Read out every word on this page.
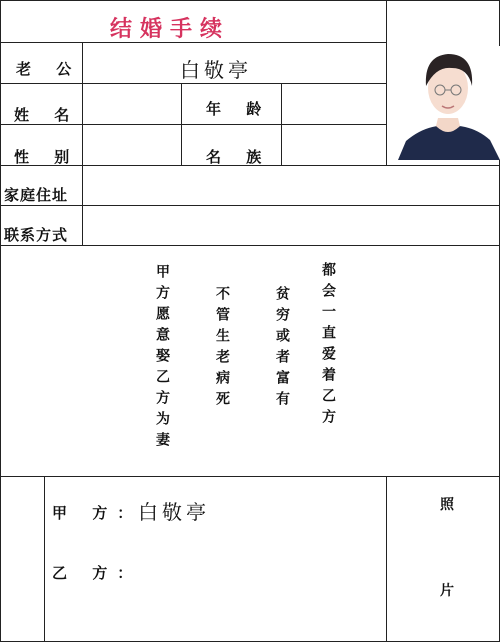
结婚手续
老 公	白敬亭
姓 名	年 龄
性 别	名 族
家庭住址
联系方式
甲方愿意娶乙方为妻	不管生老病死	贫穷或者富有 都会一直爱着乙方
甲 方：
白敬亭
乙 方：
照
片
